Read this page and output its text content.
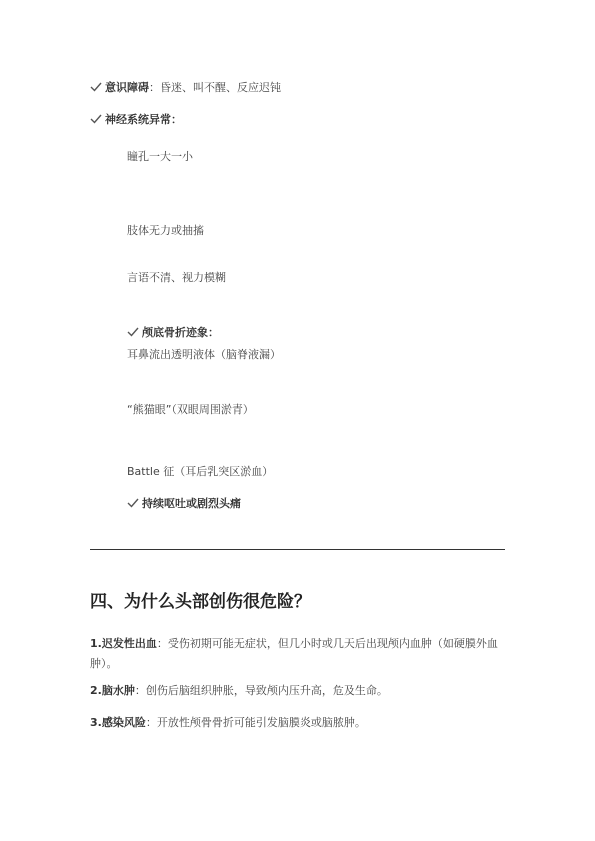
意识障碍：昏迷、叫不醒、反应迟钝
神经系统异常：
瞳孔一大一小
肢体无力或抽搐
言语不清、视力模糊
颅底骨折迹象：
耳鼻流出透明液体（脑脊液漏）
“熊猫眼”（双眼周围淤青）
Battle 征（耳后乳突区淤血）
持续呕吐或剧烈头痛
四、为什么头部创伤很危险？
1.迟发性出血：受伤初期可能无症状，但几小时或几天后出现颅内血肿（如硬膜外血肿）。
2.脑水肿：创伤后脑组织肿胀，导致颅内压升高，危及生命。
3.感染风险：开放性颅骨骨折可能引发脑膜炎或脑脓肿。
